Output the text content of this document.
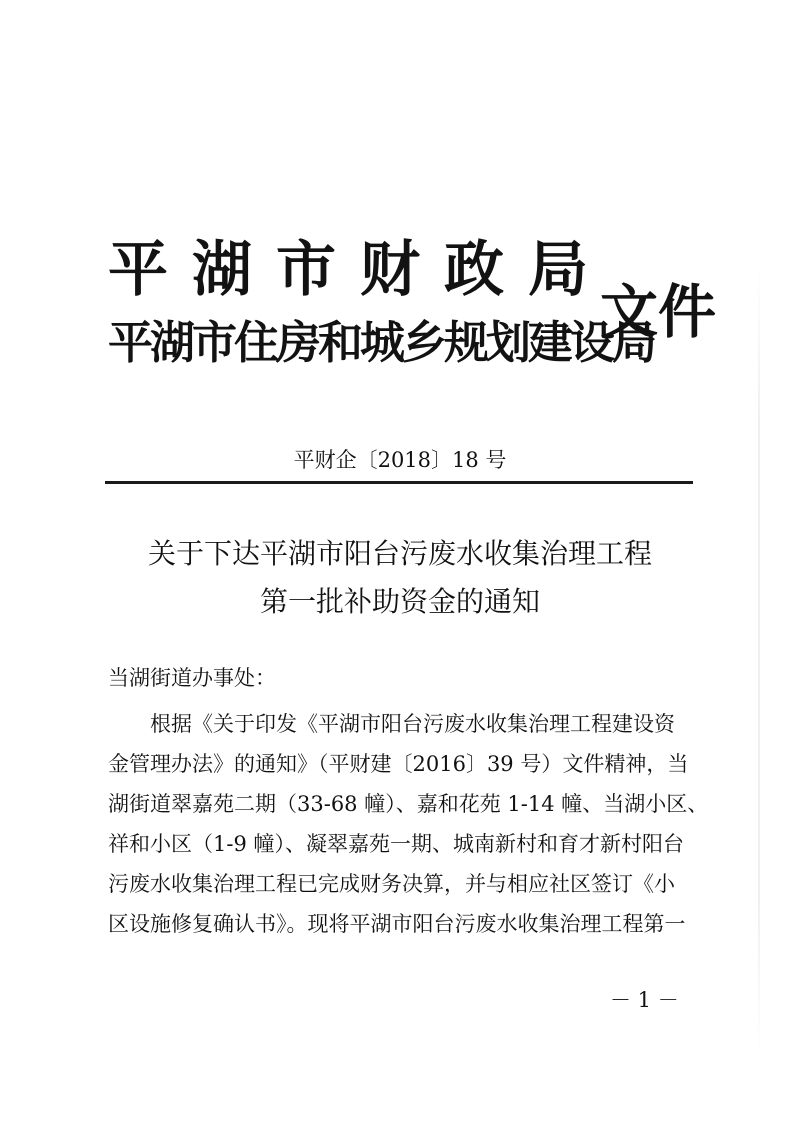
平 湖 市 财 政 局
平湖市住房和城乡规划建设局
文件
平财企〔2018〕18 号
关于下达平湖市阳台污废水收集治理工程
第一批补助资金的通知
当湖街道办事处：
根据《关于印发《平湖市阳台污废水收集治理工程建设资
金管理办法》的通知》（平财建〔2016〕39 号）文件精神，当
湖街道翠嘉苑二期（33-68 幢）、嘉和花苑 1-14 幢、当湖小区、
祥和小区（1-9 幢）、凝翠嘉苑一期、城南新村和育才新村阳台
污废水收集治理工程已完成财务决算，并与相应社区签订《小
区设施修复确认书》。现将平湖市阳台污废水收集治理工程第一
－ 1 －
